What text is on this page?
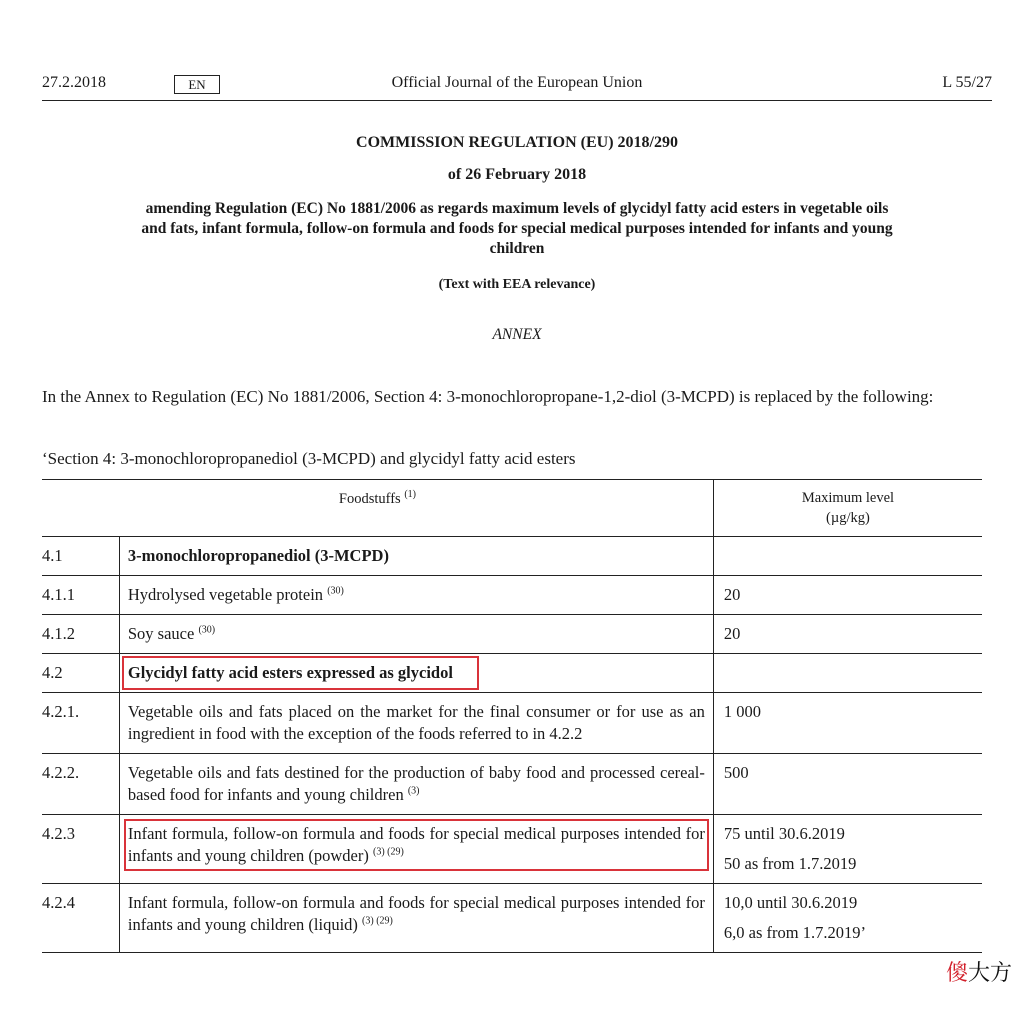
Official Journal of the European Union
27.2.2018	EN	L 55/27
COMMISSION REGULATION (EU) 2018/290
of 26 February 2018
amending Regulation (EC) No 1881/2006 as regards maximum levels of glycidyl fatty acid esters in vegetable oils and fats, infant formula, follow-on formula and foods for special medical purposes intended for infants and young children
(Text with EEA relevance)
ANNEX
In the Annex to Regulation (EC) No 1881/2006, Section 4: 3-monochloropropane-1,2-diol (3-MCPD) is replaced by the following:
‘Section 4: 3-monochloropropanediol (3-MCPD) and glycidyl fatty acid esters
Foodstuffs $^{(1)}$		Maximum level
(µg/kg)
4.1	3-monochloropropanediol (3-MCPD)	
4.1.1	Hydrolysed vegetable protein $^{(30)}$	20

4.1.2	Soy sauce $^{(30)}$	20

4.2	Glycidyl fatty acid esters expressed as glycidol	
4.2.1.	Vegetable oils and fats placed on the market for the final consumer or for use as an ingredient in food with the exception of the foods referred to in 4.2.2	1 000

4.2.2.	Vegetable oils and fats destined for the production of baby food and processed cereal-based food for infants and young children $^{(3)}$	500

4.2.3	Infant formula, follow-on formula and foods for special medical purposes intended for infants and young children (powder) $^{(3) (29)}$	75 until 30.6.2019
50 as from 1.7.2019

4.2.4	Infant formula, follow-on formula and foods for special medical purposes intended for infants and young children (liquid) $^{(3) (29)}$	10,0 until 30.6.2019
6,0 as from 1.7.2019’
傻大方
